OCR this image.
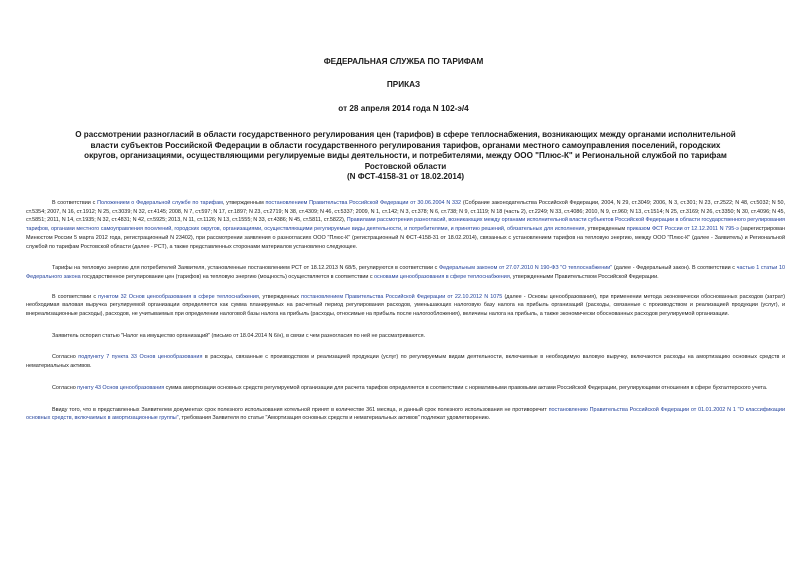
ФЕДЕРАЛЬНАЯ СЛУЖБА ПО ТАРИФАМ

ПРИКАЗ

от 28 апреля 2014 года N 102-э/4

О рассмотрении разногласий в области государственного регулирования цен (тарифов) в сфере теплоснабжения, возникающих между органами исполнительной
власти субъектов Российской Федерации в области государственного регулирования тарифов, органами местного самоуправления поселений, городских
округов, организациями, осуществляющими регулируемые виды деятельности, и потребителями, между ООО "Плюс-К" и Региональной службой по тарифам
Ростовской области
(N ФСТ-4158-31 от 18.02.2014)

В соответствии с Положением о Федеральной службе по тарифам, утвержденным постановлением Правительства Российской Федерации от 30.06.2004 N 332 (Собрание законодательства Российской Федерации, 2004, N 29, ст.3049; 2006, N 3, ст.301; N 23, ст.2522; N 48, ст.5032; N 50, ст.5354; 2007, N 16, ст.1912; N 25, ст.3039; N 32, ст.4145; 2008, N 7, ст.597; N 17, ст.1897; N 23, ст.2719; N 38, ст.4309; N 46, ст.5337; 2009, N 1, ст.142; N 3, ст.378; N 6, ст.738; N 9, ст.1119; N 18 (часть 2), ст.2249; N 33, ст.4086; 2010, N 9, ст.960; N 13, ст.1514; N 25, ст.3169; N 26, ст.3350; N 30, ст.4096; N 45, ст.5851; 2011, N 14, ст.1935; N 32, ст.4831; N 42, ст.5925; 2013, N 11, ст.1126; N 13, ст.1555; N 33, ст.4386; N 45, ст.5811, ст.5822), Правилами рассмотрения разногласий, возникающих между органами исполнительной власти субъектов Российской Федерации в области государственного регулирования тарифов, органами местного самоуправления поселений, городских округов, организациями, осуществляющими регулируемые виды деятельности, и потребителями, и принятию решений, обязательных для исполнения, утвержденным приказом ФСТ России от 12.12.2011 N 795-э (зарегистрирован Минюстом России 5 марта 2012 года, регистрационный N 23402), при рассмотрении заявления о разногласиях ООО "Плюс-К" (регистрационный N ФСТ-4158-31 от 18.02.2014), связанных с установлением тарифов на тепловую энергию, между ООО "Плюс-К" (далее - Заявитель) и Региональной службой по тарифам Ростовской области (далее - РСТ), а также представленных сторонами материалов установлено следующее.

Тарифы на тепловую энергию для потребителей Заявителя, установленные постановлением РСТ от 18.12.2013 N 68/5, регулируются в соответствии с Федеральным законом от 27.07.2010 N 190-ФЗ "О теплоснабжении" (далее - Федеральный закон). В соответствии с частью 1 статьи 10 Федерального закона государственное регулирование цен (тарифов) на тепловую энергию (мощность) осуществляется в соответствии с основами ценообразования в сфере теплоснабжения, утвержденными Правительством Российской Федерации.

В соответствии с пунктом 32 Основ ценообразования в сфере теплоснабжения, утвержденных постановлением Правительства Российской Федерации от 22.10.2012 N 1075 (далее - Основы ценообразования), при применении метода экономически обоснованных расходов (затрат) необходимая валовая выручка регулируемой организации определяется как сумма планируемых на расчетный период регулирования расходов, уменьшающих налоговую базу налога на прибыль организаций (расходы, связанные с производством и реализацией продукции (услуг), и внереализационные расходы), расходов, не учитываемых при определении налоговой базы налога на прибыль (расходы, относимые на прибыль после налогообложения), величины налога на прибыль, а также экономически обоснованных расходов регулируемой организации.

Заявитель оспорил статью "Налог на имущество организаций" (письмо от 18.04.2014 N 6/н), в связи с чем разногласия по ней не рассматриваются.

Согласно подпункту 7 пункта 33 Основ ценообразования в расходы, связанные с производством и реализацией продукции (услуг) по регулируемым видам деятельности, включаемые в необходимую валовую выручку, включаются расходы на амортизацию основных средств и нематериальных активов.

Согласно пункту 43 Основ ценообразования сумма амортизации основных средств регулируемой организации для расчета тарифов определяется в соответствии с нормативными правовыми актами Российской Федерации, регулирующими отношения в сфере бухгалтерского учета.

Ввиду того, что в представленных Заявителем документах срок полезного использования котельной принят в количестве 361 месяца, и данный срок полезного использования не противоречит постановлению Правительства Российской Федерации от 01.01.2002 N 1 "О классификации основных средств, включаемых в амортизационные группы", требования Заявителя по статье "Амортизация основных средств и нематериальных активов" подлежат удовлетворению.
